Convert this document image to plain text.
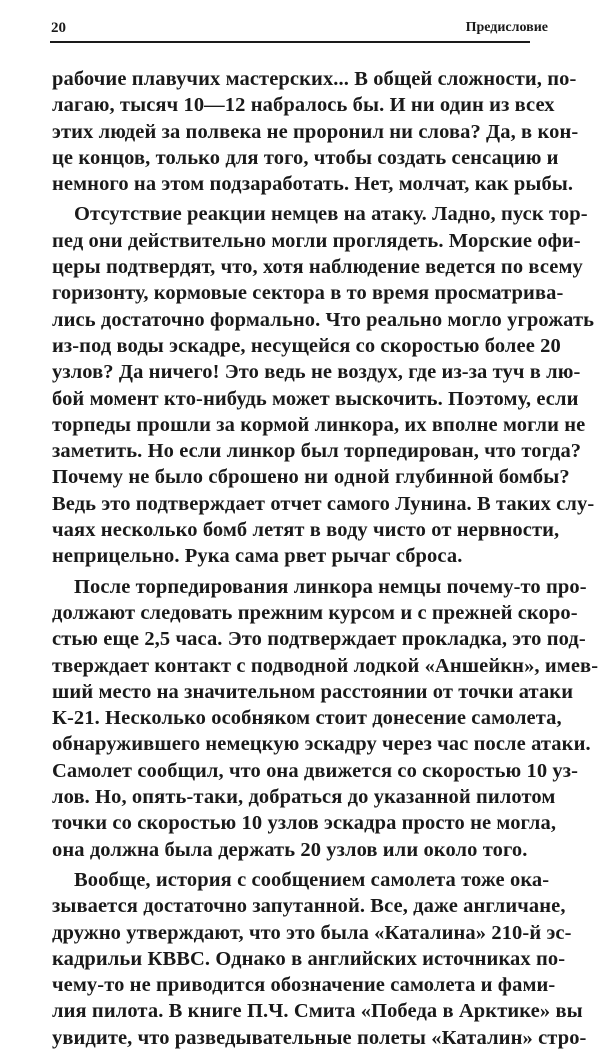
20	Предисловие
рабочие плавучих мастерских... В общей сложности, по-
лагаю, тысяч 10—12 набралось бы. И ни один из всех
этих людей за полвека не проронил ни слова? Да, в кон-
це концов, только для того, чтобы создать сенсацию и
немного на этом подзаработать. Нет, молчат, как рыбы.
Отсутствие реакции немцев на атаку. Ладно, пуск тор-
пед они действительно могли проглядеть. Морские офи-
церы подтвердят, что, хотя наблюдение ведется по всему
горизонту, кормовые сектора в то время просматрива-
лись достаточно формально. Что реально могло угрожать
из-под воды эскадре, несущейся со скоростью более 20
узлов? Да ничего! Это ведь не воздух, где из-за туч в лю-
бой момент кто-нибудь может выскочить. Поэтому, если
торпеды прошли за кормой линкора, их вполне могли не
заметить. Но если линкор был торпедирован, что тогда?
Почему не было сброшено ни одной глубинной бомбы?
Ведь это подтверждает отчет самого Лунина. В таких слу-
чаях несколько бомб летят в воду чисто от нервности,
неприцельно. Рука сама рвет рычаг сброса.
После торпедирования линкора немцы почему-то про-
должают следовать прежним курсом и с прежней скоро-
стью еще 2,5 часа. Это подтверждает прокладка, это под-
тверждает контакт с подводной лодкой «Аншейкн», имев-
ший место на значительном расстоянии от точки атаки
К-21. Несколько особняком стоит донесение самолета,
обнаружившего немецкую эскадру через час после атаки.
Самолет сообщил, что она движется со скоростью 10 уз-
лов. Но, опять-таки, добраться до указанной пилотом
точки со скоростью 10 узлов эскадра просто не могла,
она должна была держать 20 узлов или около того.
Вообще, история с сообщением самолета тоже ока-
зывается достаточно запутанной. Все, даже англичане,
дружно утверждают, что это была «Каталина» 210-й эс-
кадрильи КВВС. Однако в английских источниках по-
чему-то не приводится обозначение самолета и фами-
лия пилота. В книге П.Ч. Смита «Победа в Арктике» вы
увидите, что разведывательные полеты «Каталин» стро-
